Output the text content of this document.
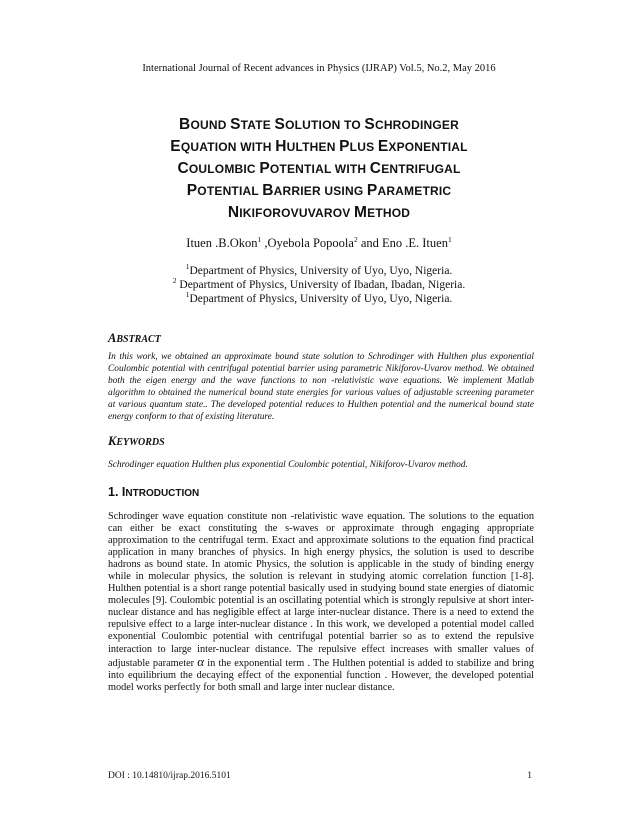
International Journal of Recent advances in Physics (IJRAP) Vol.5, No.2, May 2016
BOUND STATE SOLUTION TO SCHRODINGER
EQUATION WITH HULTHEN PLUS EXPONENTIAL
COULOMBIC POTENTIAL WITH CENTRIFUGAL
POTENTIAL BARRIER USING PARAMETRIC
NIKIFOROVUVAROV METHOD
Ituen .B.Okon$^1$ ,Oyebola Popoola$^2$ and Eno .E. Ituen$^1$
$^1$Department of Physics, University of Uyo, Uyo, Nigeria.
$^2$ Department of Physics, University of Ibadan, Ibadan, Nigeria.
$^1$Department of Physics, University of Uyo, Uyo, Nigeria.
ABSTRACT
In this work, we obtained an approximate bound state solution to Schrodinger with Hulthen plus exponential Coulombic potential with centrifugal potential barrier using parametric Nikiforov-Uvarov method. We obtained both the eigen energy and the wave functions to non -relativistic wave equations. We implement Matlab algorithm to obtained the numerical bound state energies for various values of adjustable screening parameter at various quantum state.. The developed potential reduces to Hulthen potential and the numerical bound state energy conform to that of existing literature.
KEYWORDS
Schrodinger equation Hulthen plus exponential Coulombic potential, Nikiforov-Uvarov method.
1. INTRODUCTION
Schrodinger wave equation constitute non -relativistic wave equation. The solutions to the equation can either be exact constituting the s-waves or approximate through engaging appropriate approximation to the centrifugal term. Exact and approximate solutions to the equation find practical application in many branches of physics. In high energy physics, the solution is used to describe hadrons as bound state. In atomic Physics, the solution is applicable in the study of binding energy while in molecular physics, the solution is relevant in studying atomic correlation function [1-8]. Hulthen potential is a short range potential basically used in studying bound state energies of diatomic molecules [9]. Coulombic potential is an oscillating potential which is strongly repulsive at short inter-nuclear distance and has negligible effect at large inter-nuclear distance. There is a need to extend the repulsive effect to a large inter-nuclear distance . In this work, we developed a potential model called exponential Coulombic potential with centrifugal potential barrier so as to extend the repulsive interaction to large inter-nuclear distance. The repulsive effect increases with smaller values of adjustable parameter α in the exponential term . The Hulthen potential is added to stabilize and bring into equilibrium the decaying effect of the exponential function . However, the developed potential model works perfectly for both small and large inter nuclear distance.
DOI : 10.14810/ijrap.2016.5101	1
